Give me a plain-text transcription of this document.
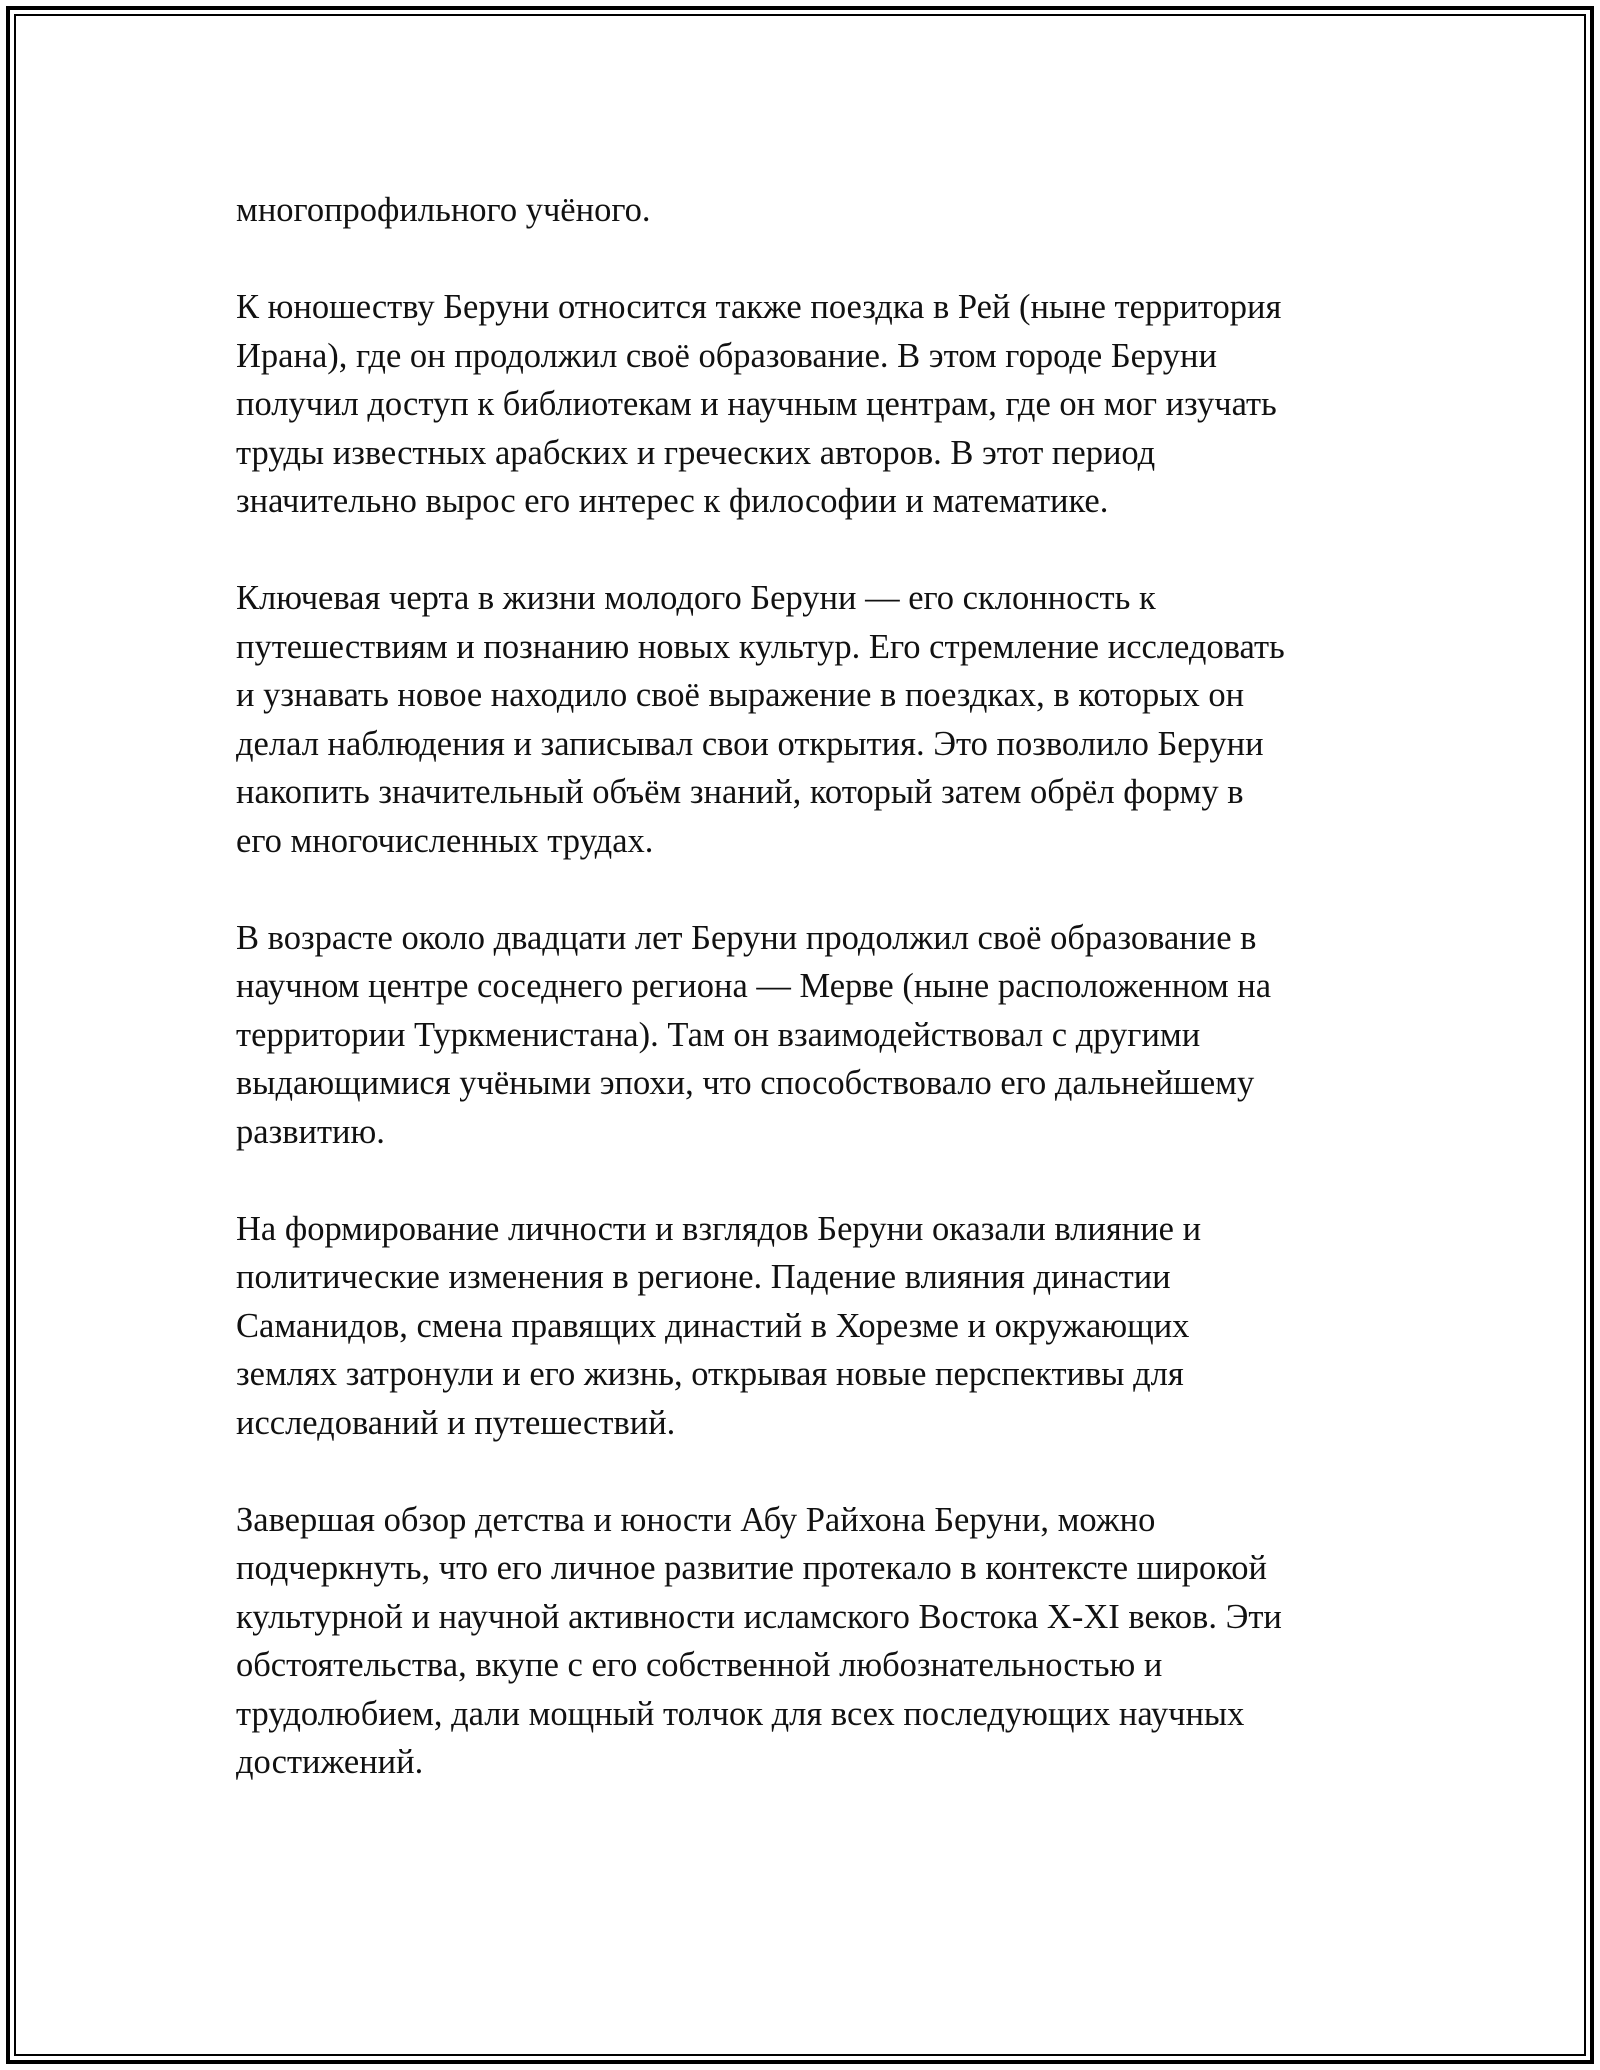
многопрофильного учёного.

К юношеству Беруни относится также поездка в Рей (ныне территория
Ирана), где он продолжил своё образование. В этом городе Беруни
получил доступ к библиотекам и научным центрам, где он мог изучать
труды известных арабских и греческих авторов. В этот период
значительно вырос его интерес к философии и математике.

Ключевая черта в жизни молодого Беруни — его склонность к
путешествиям и познанию новых культур. Его стремление исследовать
и узнавать новое находило своё выражение в поездках, в которых он
делал наблюдения и записывал свои открытия. Это позволило Беруни
накопить значительный объём знаний, который затем обрёл форму в
его многочисленных трудах.

В возрасте около двадцати лет Беруни продолжил своё образование в
научном центре соседнего региона — Мерве (ныне расположенном на
территории Туркменистана). Там он взаимодействовал с другими
выдающимися учёными эпохи, что способствовало его дальнейшему
развитию.

На формирование личности и взглядов Беруни оказали влияние и
политические изменения в регионе. Падение влияния династии
Саманидов, смена правящих династий в Хорезме и окружающих
землях затронули и его жизнь, открывая новые перспективы для
исследований и путешествий.

Завершая обзор детства и юности Абу Райхона Беруни, можно
подчеркнуть, что его личное развитие протекало в контексте широкой
культурной и научной активности исламского Востока X-XI веков. Эти
обстоятельства, вкупе с его собственной любознательностью и
трудолюбием, дали мощный толчок для всех последующих научных
достижений.
